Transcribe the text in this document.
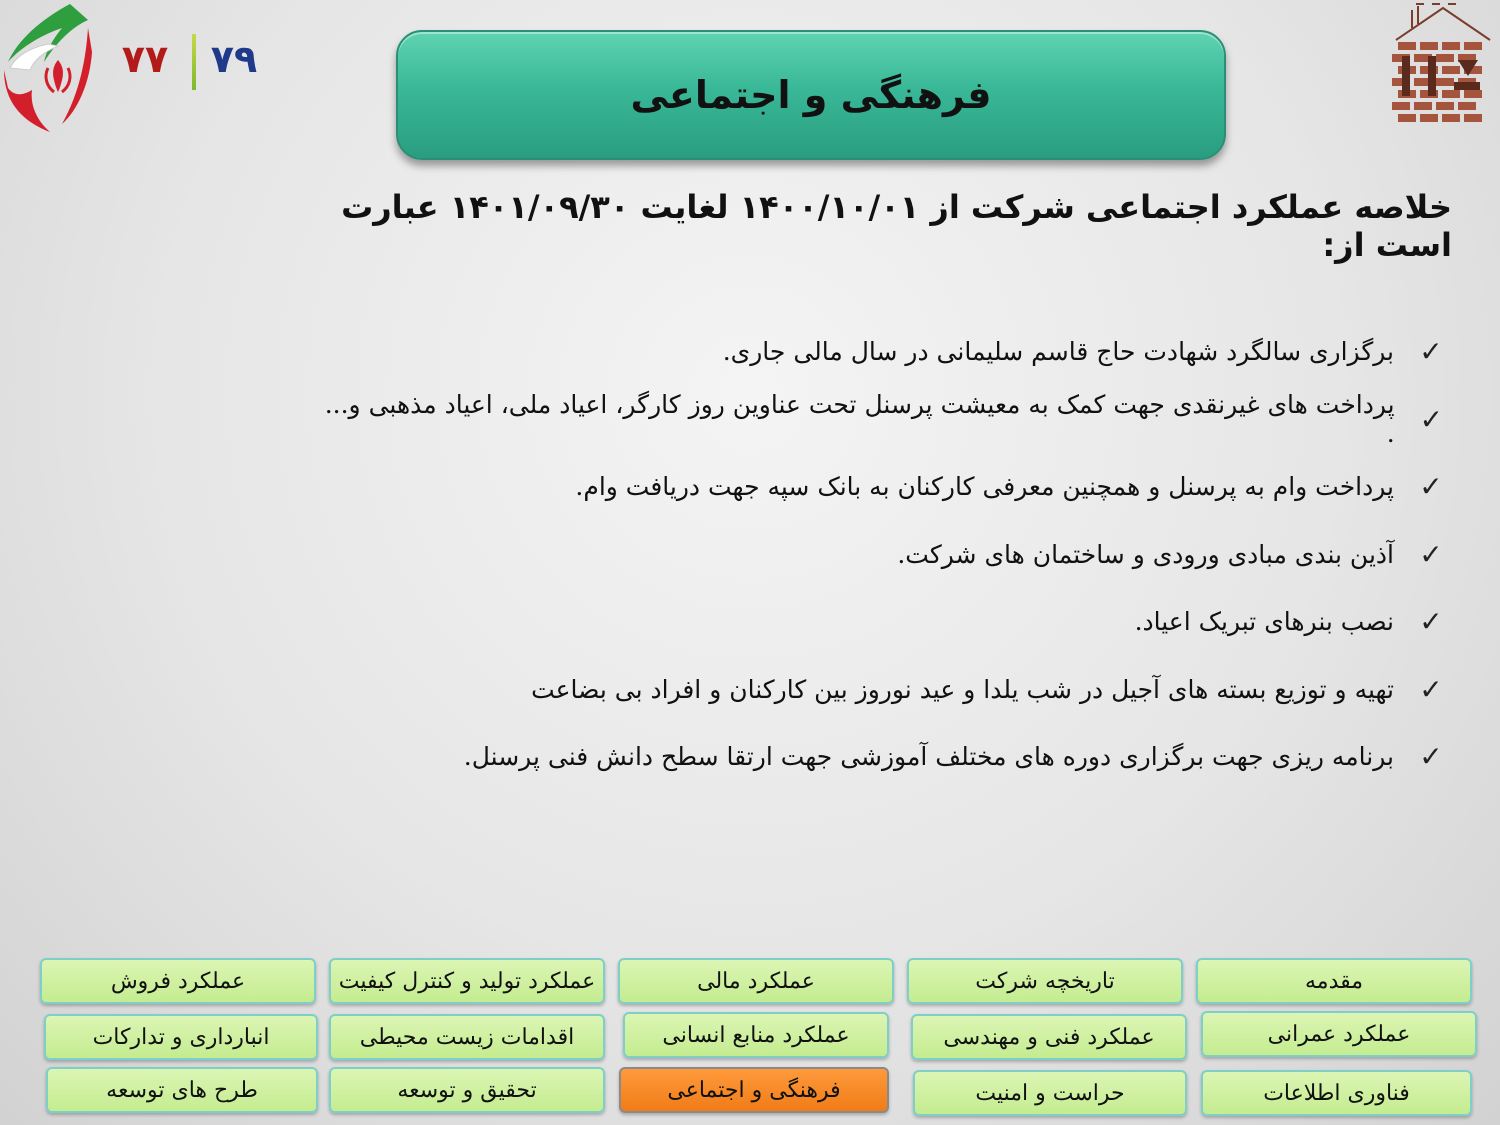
۷۷ ۷۹
فرهنگی و اجتماعی
خلاصه عملکرد اجتماعی شرکت از ۱۴۰۰/۱۰/۰۱ لغایت ۱۴۰۱/۰۹/۳۰ عبارت است از:
✓
برگزاری سالگرد شهادت حاج قاسم سلیمانی در سال مالی جاری.
✓
پرداخت های غیرنقدی جهت کمک به معیشت پرسنل تحت عناوین روز کارگر، اعیاد ملی، اعیاد مذهبی و... .
✓
پرداخت وام به پرسنل و همچنین معرفی کارکنان به بانک سپه جهت دریافت وام.
✓
آذین بندی مبادی ورودی و ساختمان های شرکت.
✓
نصب بنرهای تبریک اعیاد.
✓
تهیه و توزیع بسته های آجیل در شب یلدا و عید نوروز بین کارکنان و افراد بی بضاعت
✓
برنامه ریزی جهت برگزاری دوره های مختلف آموزشی جهت ارتقا سطح دانش فنی پرسنل.
مقدمه
تاریخچه شرکت
عملکرد مالی
عملکرد تولید و کنترل کیفیت
عملکرد فروش
عملکرد عمرانی
عملکرد فنی و مهندسی
عملکرد منابع انسانی
اقدامات زیست محیطی
انبارداری و تدارکات
فناوری اطلاعات
حراست و امنیت
فرهنگی و اجتماعی
تحقیق و توسعه
طرح های توسعه
